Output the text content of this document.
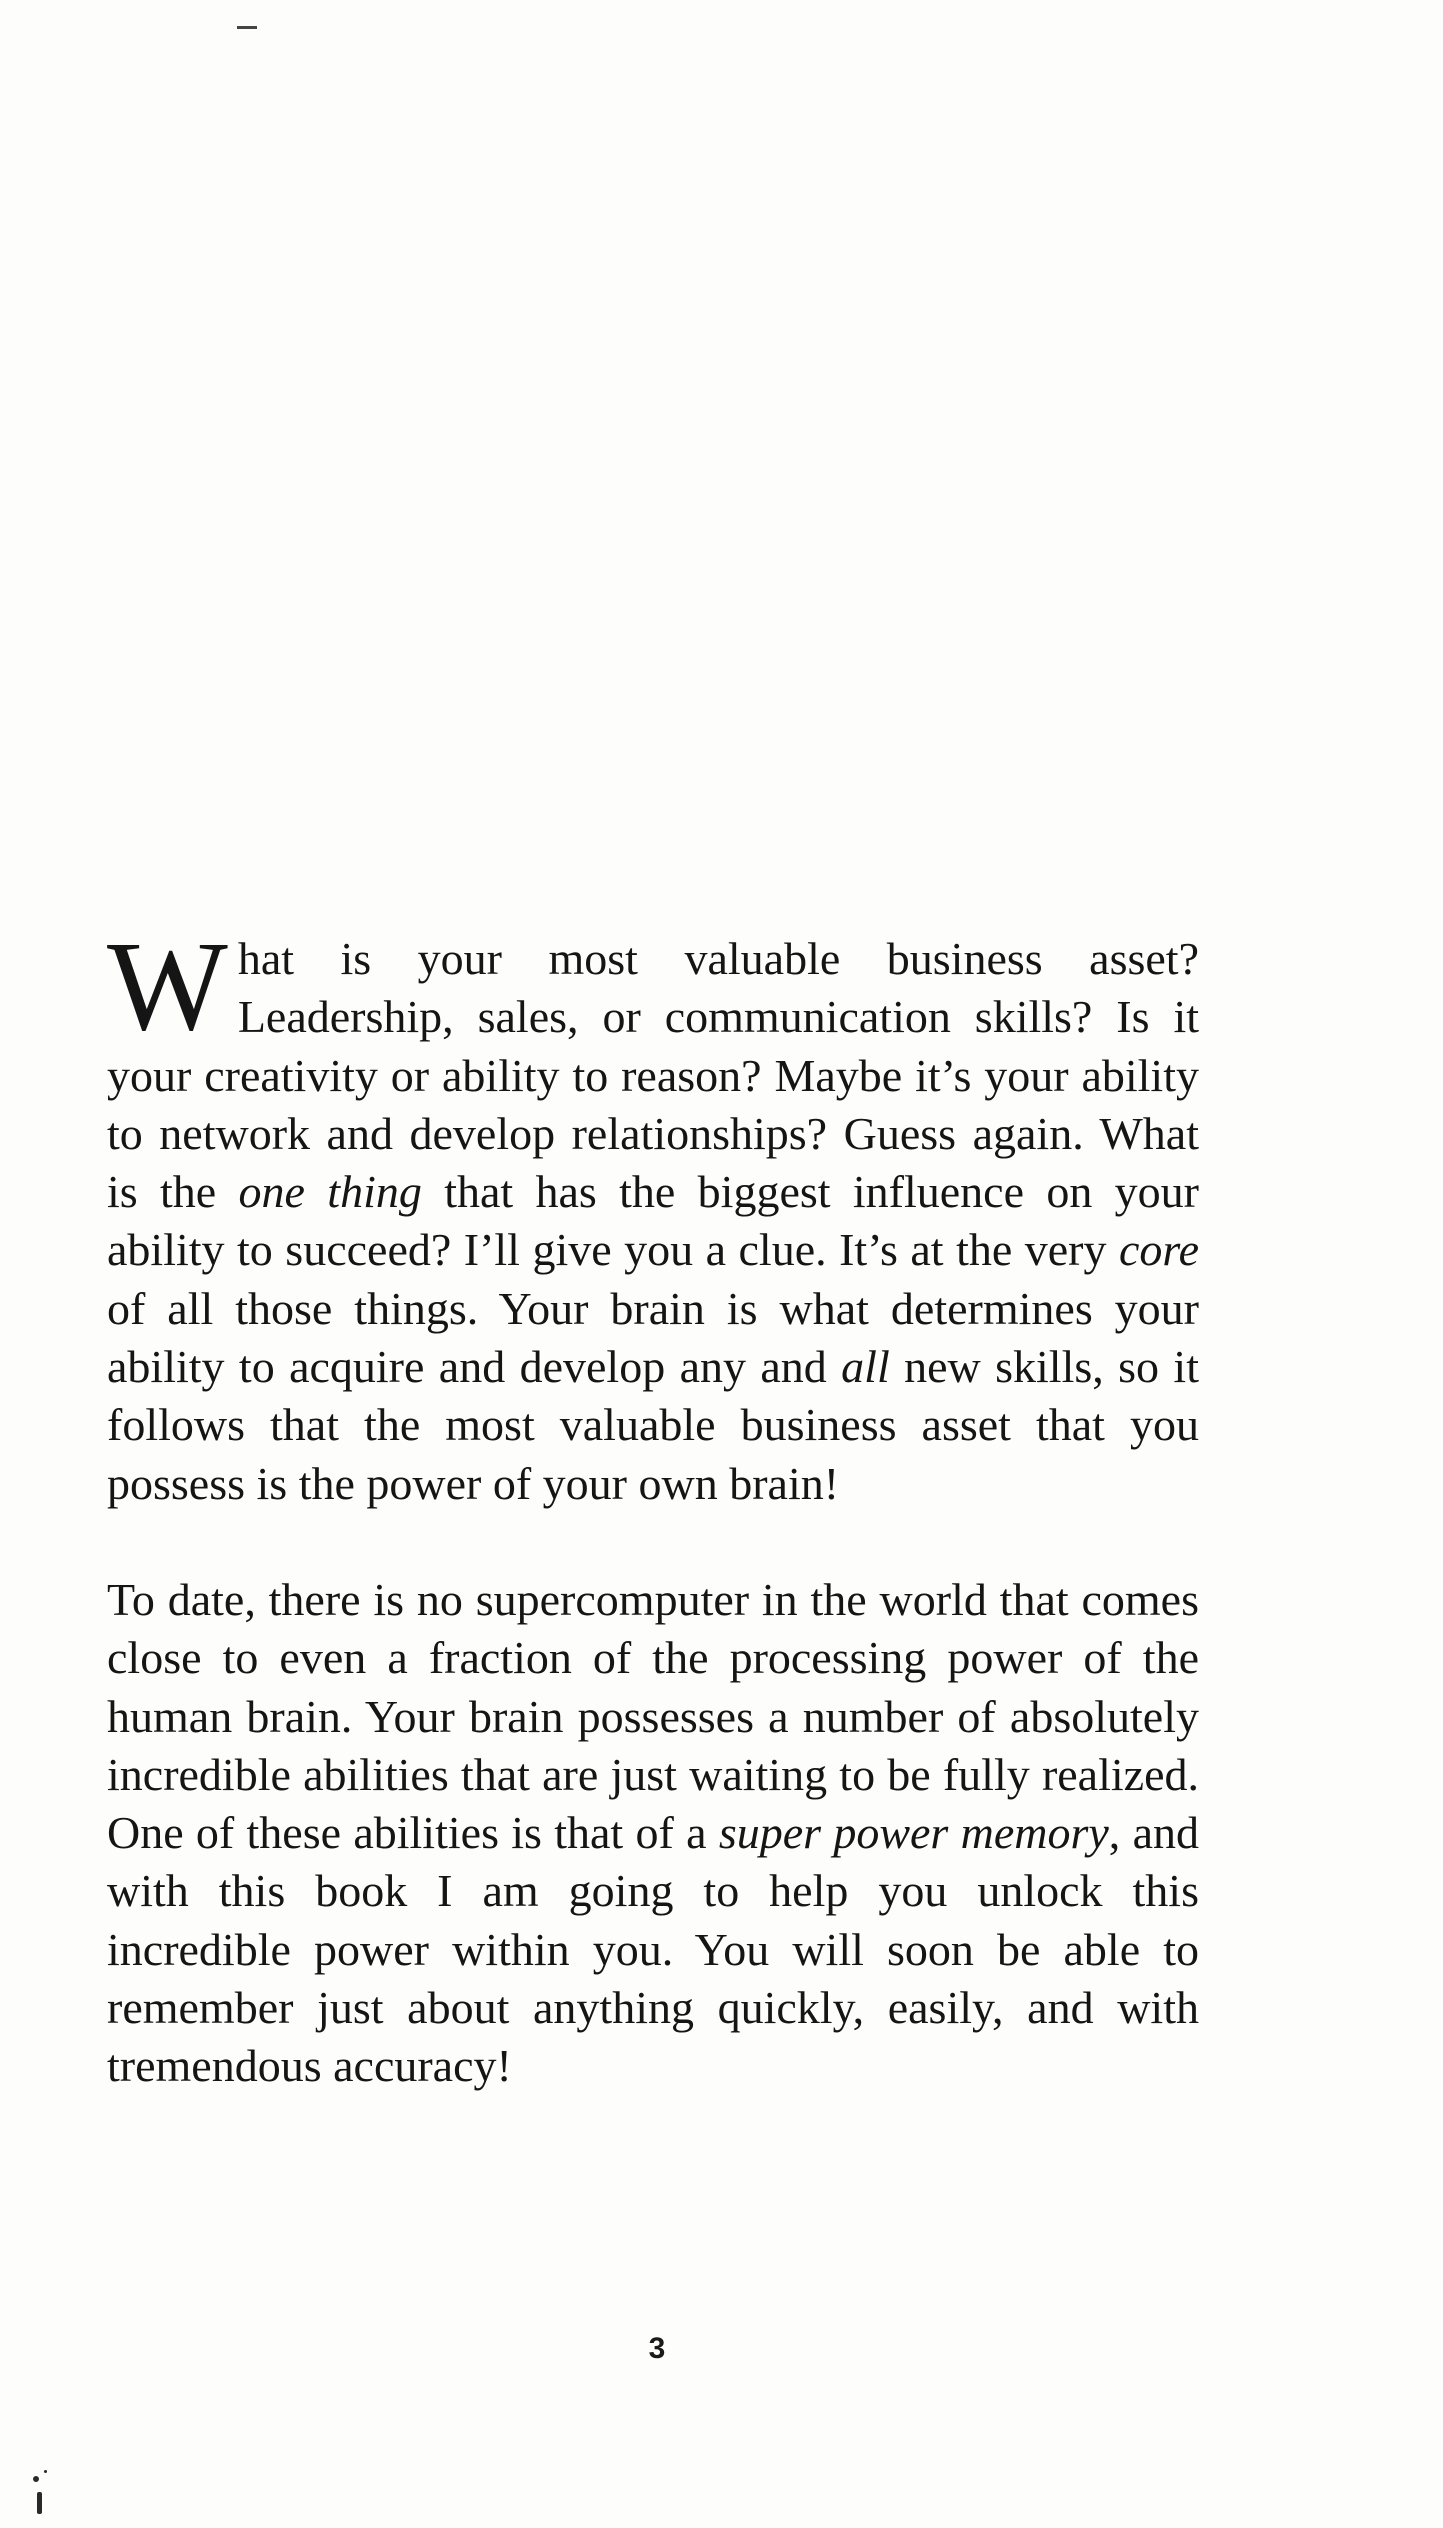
W hat is your most valuable business asset? Leadership, sales, or communication skills? Is it your creativity or ability to reason? Maybe it’s your ability to network and develop relationships? Guess again. What is the one thing that has the biggest influence on your ability to succeed? I’ll give you a clue. It’s at the very core of all those things. Your brain is what determines your ability to acquire and develop any and all new skills, so it follows that the most valuable business asset that you possess is the power of your own brain!

To date, there is no supercomputer in the world that comes close to even a fraction of the processing power of the human brain. Your brain possesses a number of absolutely incredible abilities that are just waiting to be fully realized. One of these abilities is that of a super power memory, and with this book I am going to help you unlock this incredible power within you. You will soon be able to remember just about anything quickly, easily, and with tremendous accuracy!

3
